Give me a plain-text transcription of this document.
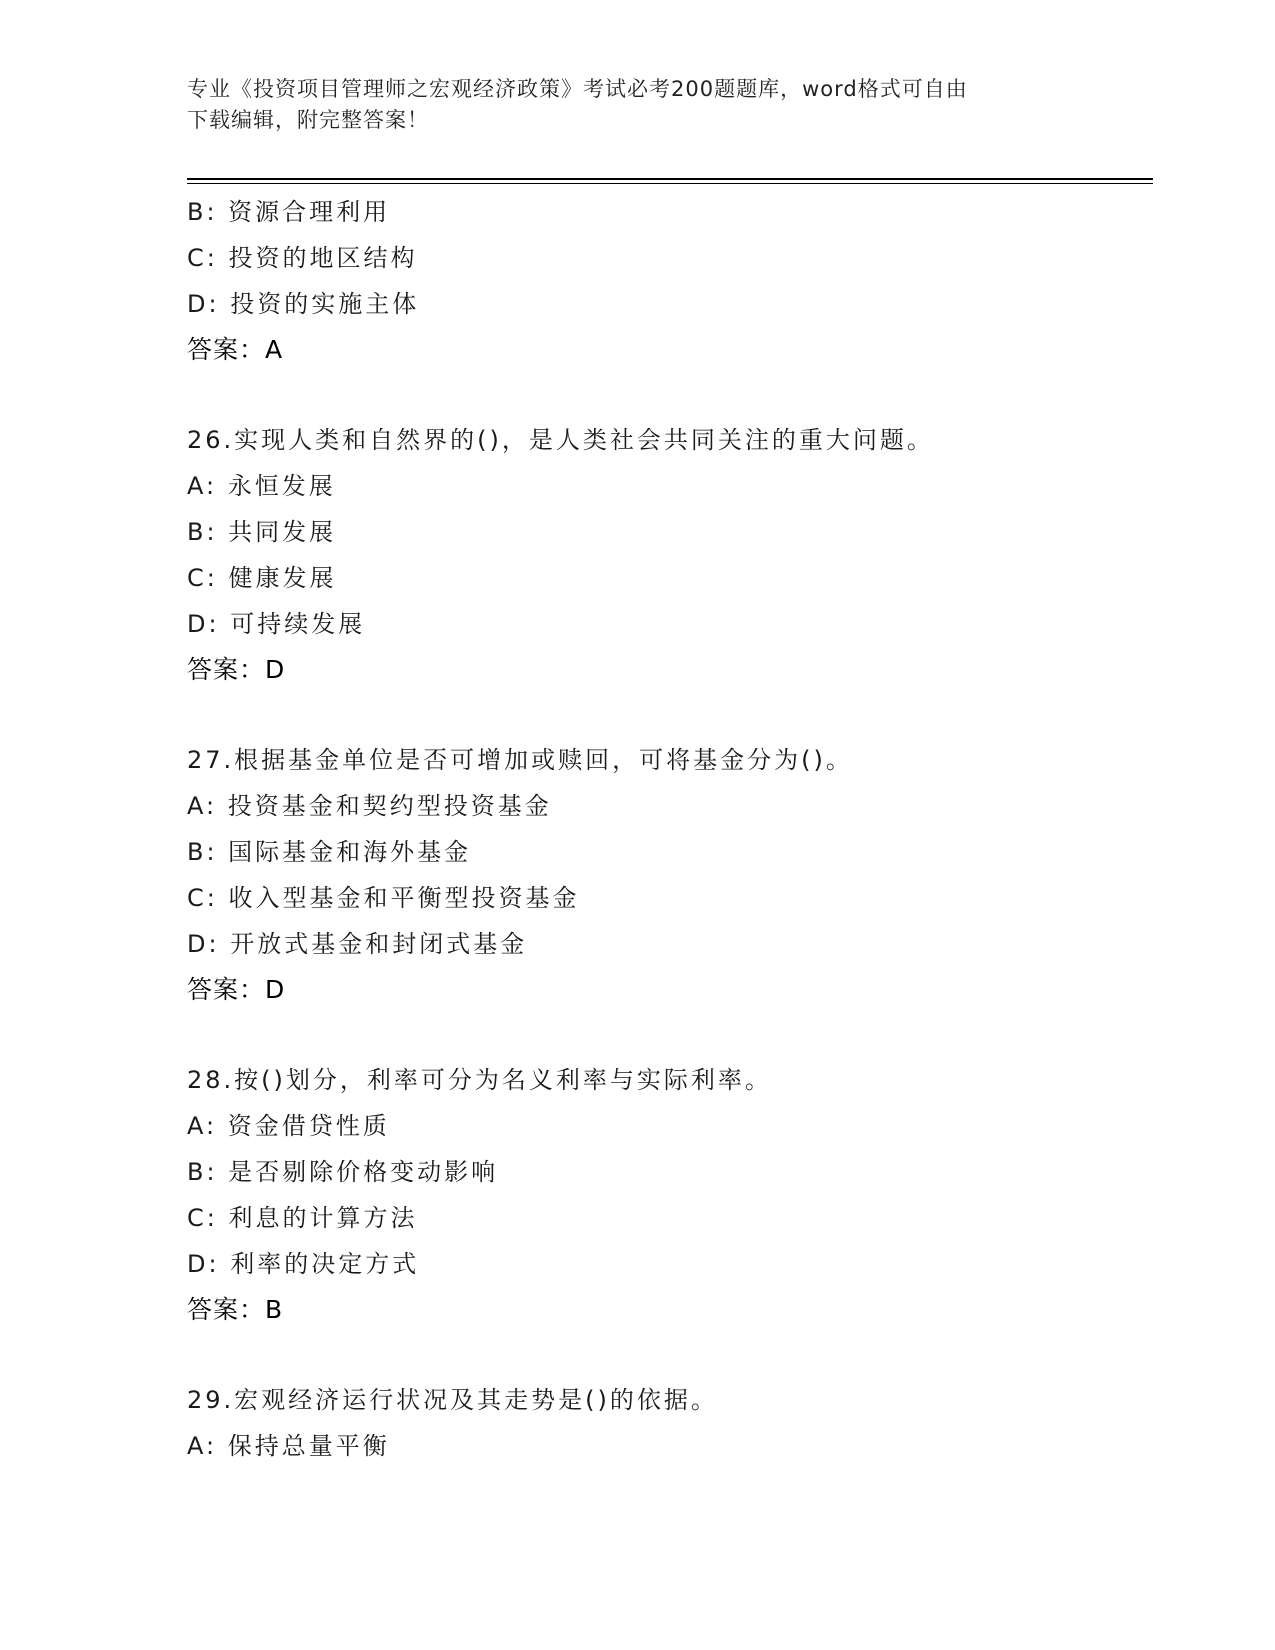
专业《投资项目管理师之宏观经济政策》考试必考200题题库，word格式可自由
下载编辑，附完整答案！
B: 资源合理利用
C: 投资的地区结构
D: 投资的实施主体
答案：A
26.实现人类和自然界的()，是人类社会共同关注的重大问题。
A: 永恒发展
B: 共同发展
C: 健康发展
D: 可持续发展
答案：D
27.根据基金单位是否可增加或赎回，可将基金分为()。
A: 投资基金和契约型投资基金
B: 国际基金和海外基金
C: 收入型基金和平衡型投资基金
D: 开放式基金和封闭式基金
答案：D
28.按()划分，利率可分为名义利率与实际利率。
A: 资金借贷性质
B: 是否剔除价格变动影响
C: 利息的计算方法
D: 利率的决定方式
答案：B
29.宏观经济运行状况及其走势是()的依据。
A: 保持总量平衡
